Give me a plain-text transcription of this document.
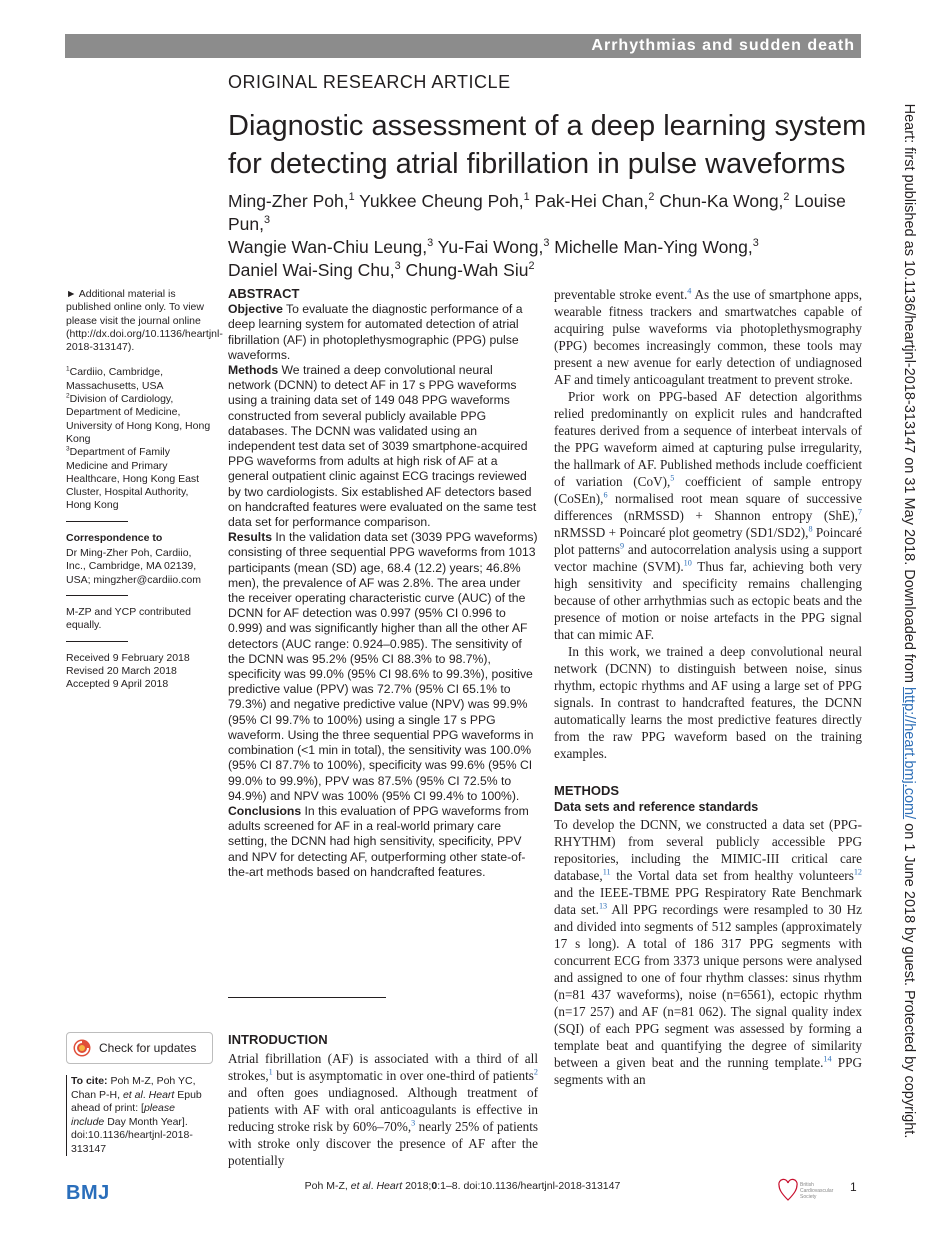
Arrhythmias and sudden death
ORIGINAL RESEARCH ARTICLE
Diagnostic assessment of a deep learning system for detecting atrial fibrillation in pulse waveforms
Ming-Zher Poh,$^1$ Yukkee Cheung Poh,$^1$ Pak-Hei Chan,$^2$ Chun-Ka Wong,$^2$ Louise Pun,$^3$
Wangie Wan-Chiu Leung,$^3$ Yu-Fai Wong,$^3$ Michelle Man-Ying Wong,$^3$
Daniel Wai-Sing Chu,$^3$ Chung-Wah Siu$^2$

► Additional material is published online only. To view please visit the journal online (http://dx.doi.org/10.1136/heartjnl-2018-313147).

$^1$Cardiio, Cambridge, Massachusetts, USA
$^2$Division of Cardiology, Department of Medicine, University of Hong Kong, Hong Kong
$^3$Department of Family Medicine and Primary Healthcare, Hong Kong East Cluster, Hospital Authority, Hong Kong

Correspondence to

Dr Ming-Zher Poh, Cardiio, Inc., Cambridge, MA 02139, USA; mingzher@cardiio.com

M-ZP and YCP contributed equally.

Received 9 February 2018

Revised 20 March 2018

Accepted 9 April 2018

Check for updates
To cite: Poh M-Z, Poh YC, Chan P-H, et al. Heart Epub ahead of print: [please include Day Month Year]. doi:10.1136/heartjnl-2018-313147

ABSTRACT

Objective To evaluate the diagnostic performance of a deep learning system for automated detection of atrial fibrillation (AF) in photoplethysmographic (PPG) pulse waveforms.

Methods We trained a deep convolutional neural network (DCNN) to detect AF in 17 s PPG waveforms using a training data set of 149 048 PPG waveforms constructed from several publicly available PPG databases. The DCNN was validated using an independent test data set of 3039 smartphone-acquired PPG waveforms from adults at high risk of AF at a general outpatient clinic against ECG tracings reviewed by two cardiologists. Six established AF detectors based on handcrafted features were evaluated on the same test data set for performance comparison.

Results In the validation data set (3039 PPG waveforms) consisting of three sequential PPG waveforms from 1013 participants (mean (SD) age, 68.4 (12.2) years; 46.8% men), the prevalence of AF was 2.8%. The area under the receiver operating characteristic curve (AUC) of the DCNN for AF detection was 0.997 (95% CI 0.996 to 0.999) and was significantly higher than all the other AF detectors (AUC range: 0.924–0.985). The sensitivity of the DCNN was 95.2% (95% CI 88.3% to 98.7%), specificity was 99.0% (95% CI 98.6% to 99.3%), positive predictive value (PPV) was 72.7% (95% CI 65.1% to 79.3%) and negative predictive value (NPV) was 99.9% (95% CI 99.7% to 100%) using a single 17 s PPG waveform. Using the three sequential PPG waveforms in combination (<1 min in total), the sensitivity was 100.0% (95% CI 87.7% to 100%), specificity was 99.6% (95% CI 99.0% to 99.9%), PPV was 87.5% (95% CI 72.5% to 94.9%) and NPV was 100% (95% CI 99.4% to 100%).

Conclusions In this evaluation of PPG waveforms from adults screened for AF in a real-world primary care setting, the DCNN had high sensitivity, specificity, PPV and NPV for detecting AF, outperforming other state-of-the-art methods based on handcrafted features.

INTRODUCTION

Atrial fibrillation (AF) is associated with a third of all strokes,$^1$ but is asymptomatic in over one-third of patients$^2$ and often goes undiagnosed. Although treatment of patients with AF with oral anticoagulants is effective in reducing stroke risk by 60%–70%,$^3$ nearly 25% of patients with stroke only discover the presence of AF after the potentially

preventable stroke event.$^4$ As the use of smartphone apps, wearable fitness trackers and smartwatches capable of acquiring pulse waveforms via photoplethysmography (PPG) becomes increasingly common, these tools may present a new avenue for early detection of undiagnosed AF and timely anticoagulant treatment to prevent stroke.

Prior work on PPG-based AF detection algorithms relied predominantly on explicit rules and handcrafted features derived from a sequence of interbeat intervals of the PPG waveform aimed at capturing pulse irregularity, the hallmark of AF. Published methods include coefficient of variation (CoV),$^5$ coefficient of sample entropy (CoSEn),$^6$ normalised root mean square of successive differences (nRMSSD) + Shannon entropy (ShE),$^7$ nRMSSD + Poincaré plot geometry (SD1/SD2),$^8$ Poincaré plot patterns$^9$ and autocorrelation analysis using a support vector machine (SVM).$^{10}$ Thus far, achieving both very high sensitivity and specificity remains challenging because of other arrhythmias such as ectopic beats and the presence of motion or noise artefacts in the PPG signal that can mimic AF.

In this work, we trained a deep convolutional neural network (DCNN) to distinguish between noise, sinus rhythm, ectopic rhythms and AF using a large set of PPG signals. In contrast to handcrafted features, the DCNN automatically learns the most predictive features directly from the raw PPG waveform based on the training examples.

METHODS

Data sets and reference standards

To develop the DCNN, we constructed a data set (PPG-RHYTHM) from several publicly accessible PPG repositories, including the MIMIC-III critical care database,$^{11}$ the Vortal data set from healthy volunteers$^{12}$ and the IEEE-TBME PPG Respiratory Rate Benchmark data set.$^{13}$ All PPG recordings were resampled to 30 Hz and divided into segments of 512 samples (approximately 17 s long). A total of 186 317 PPG segments with concurrent ECG from 3373 unique persons were analysed and assigned to one of four rhythm classes: sinus rhythm (n=81 437 waveforms), noise (n=6561), ectopic rhythm (n=17 257) and AF (n=81 062). The signal quality index (SQI) of each PPG segment was assessed by forming a template beat and quantifying the degree of similarity between a given beat and the running template.$^{14}$ PPG segments with an

Heart: first published as 10.1136/heartjnl-2018-313147 on 31 May 2018. Downloaded from http://heart.bmj.com/ on 1 June 2018 by guest. Protected by copyright.
BMJ	Poh M-Z, et al. Heart 2018;0:1–8. doi:10.1136/heartjnl-2018-313147	British Cardiovascular Society
1
